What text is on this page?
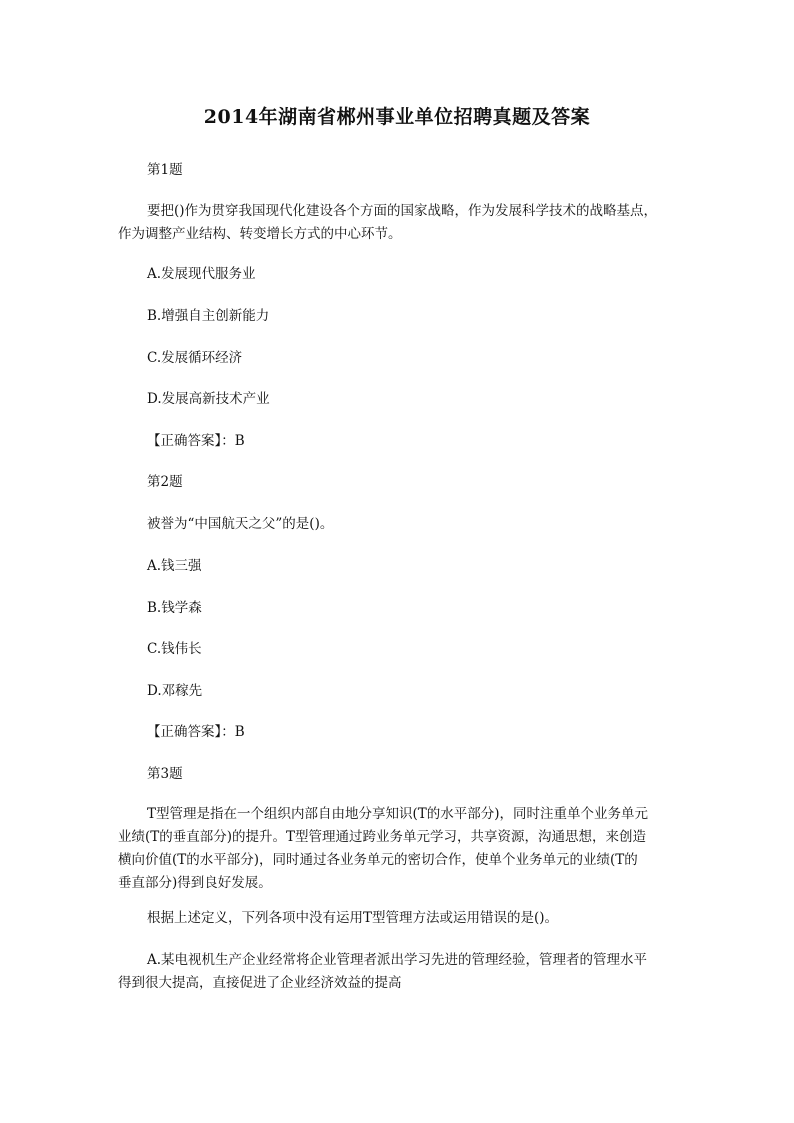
2014年湖南省郴州事业单位招聘真题及答案
第1题
要把()作为贯穿我国现代化建设各个方面的国家战略，作为发展科学技术的战略基点，
作为调整产业结构、转变增长方式的中心环节。
A.发展现代服务业
B.增强自主创新能力
C.发展循环经济
D.发展高新技术产业
【正确答案】：B
第2题
被誉为“中国航天之父”的是()。
A.钱三强
B.钱学森
C.钱伟长
D.邓稼先
【正确答案】：B
第3题
T型管理是指在一个组织内部自由地分享知识(T的水平部分)，同时注重单个业务单元
业绩(T的垂直部分)的提升。T型管理通过跨业务单元学习，共享资源，沟通思想，来创造
横向价值(T的水平部分)，同时通过各业务单元的密切合作，使单个业务单元的业绩(T的
垂直部分)得到良好发展。
根据上述定义，下列各项中没有运用T型管理方法或运用错误的是()。
A.某电视机生产企业经常将企业管理者派出学习先进的管理经验，管理者的管理水平
得到很大提高，直接促进了企业经济效益的提高
